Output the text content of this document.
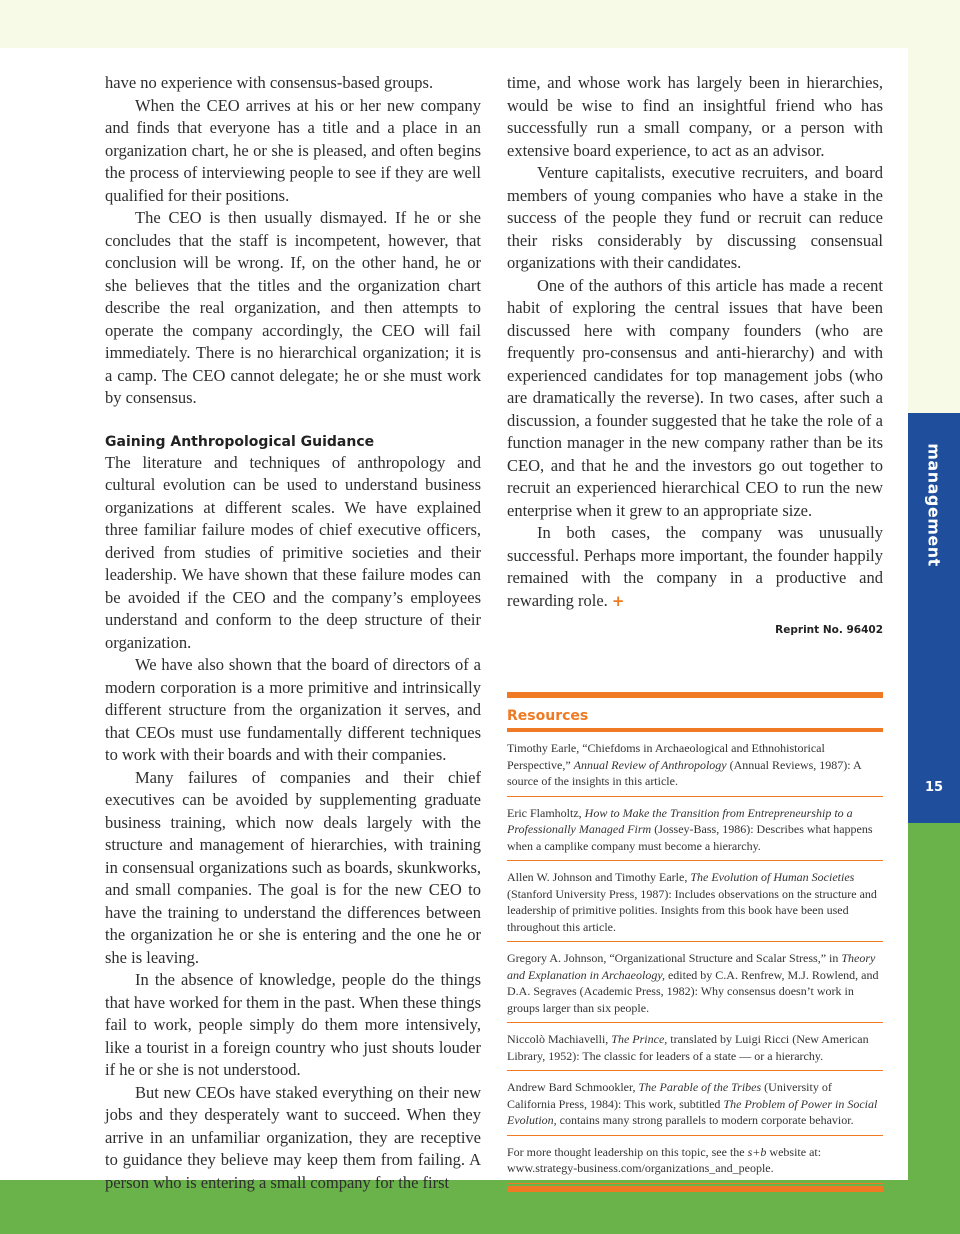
management
15

have no experience with consensus-based groups.

When the CEO arrives at his or her new company and finds that everyone has a title and a place in an organization chart, he or she is pleased, and often begins the process of interviewing people to see if they are well qualified for their positions.

The CEO is then usually dismayed. If he or she concludes that the staff is incompetent, however, that conclusion will be wrong. If, on the other hand, he or she believes that the titles and the organization chart describe the real organization, and then attempts to operate the company accordingly, the CEO will fail immediately. There is no hierarchical organization; it is a camp. The CEO cannot delegate; he or she must work by consensus.

Gaining Anthropological Guidance

The literature and techniques of anthropology and cultural evolution can be used to understand business organizations at different scales. We have explained three familiar failure modes of chief executive officers, derived from studies of primitive societies and their leadership. We have shown that these failure modes can be avoided if the CEO and the company’s employees understand and conform to the deep structure of their organization.

We have also shown that the board of directors of a modern corporation is a more primitive and intrinsically different structure from the organization it serves, and that CEOs must use fundamentally different techniques to work with their boards and with their companies.

Many failures of companies and their chief executives can be avoided by supplementing graduate business training, which now deals largely with the structure and management of hierarchies, with training in consensual organizations such as boards, skunkworks, and small companies. The goal is for the new CEO to have the training to understand the differences between the organization he or she is entering and the one he or she is leaving.

In the absence of knowledge, people do the things that have worked for them in the past. When these things fail to work, people simply do them more intensively, like a tourist in a foreign country who just shouts louder if he or she is not understood.

But new CEOs have staked everything on their new jobs and they desperately want to succeed. When they arrive in an unfamiliar organization, they are receptive to guidance they believe may keep them from failing. A person who is entering a small company for the first

time, and whose work has largely been in hierarchies, would be wise to find an insightful friend who has successfully run a small company, or a person with extensive board experience, to act as an advisor.

Venture capitalists, executive recruiters, and board members of young companies who have a stake in the success of the people they fund or recruit can reduce their risks considerably by discussing consensual organizations with their candidates.

One of the authors of this article has made a recent habit of exploring the central issues that have been discussed here with company founders (who are frequently pro-consensus and anti-hierarchy) and with experienced candidates for top management jobs (who are dramatically the reverse). In two cases, after such a discussion, a founder suggested that he take the role of a function manager in the new company rather than be its CEO, and that he and the investors go out together to recruit an experienced hierarchical CEO to run the new enterprise when it grew to an appropriate size.

In both cases, the company was unusually successful. Perhaps more important, the founder happily remained with the company in a productive and rewarding role. +

Reprint No. 96402
Resources
Timothy Earle, “Chiefdoms in Archaeological and Ethnohistorical Perspective,” Annual Review of Anthropology (Annual Reviews, 1987): A source of the insights in this article.
Eric Flamholtz, How to Make the Transition from Entrepreneurship to a Professionally Managed Firm (Jossey-Bass, 1986): Describes what happens when a camplike company must become a hierarchy.
Allen W. Johnson and Timothy Earle, The Evolution of Human Societies (Stanford University Press, 1987): Includes observations on the structure and leadership of primitive polities. Insights from this book have been used throughout this article.
Gregory A. Johnson, “Organizational Structure and Scalar Stress,” in Theory and Explanation in Archaeology, edited by C.A. Renfrew, M.J. Rowlend, and D.A. Segraves (Academic Press, 1982): Why consensus doesn’t work in groups larger than six people.
Niccolò Machiavelli, The Prince, translated by Luigi Ricci (New American Library, 1952): The classic for leaders of a state — or a hierarchy.
Andrew Bard Schmookler, The Parable of the Tribes (University of California Press, 1984): This work, subtitled The Problem of Power in Social Evolution, contains many strong parallels to modern corporate behavior.
For more thought leadership on this topic, see the s+b website at: www.strategy-business.com/organizations_and_people.
